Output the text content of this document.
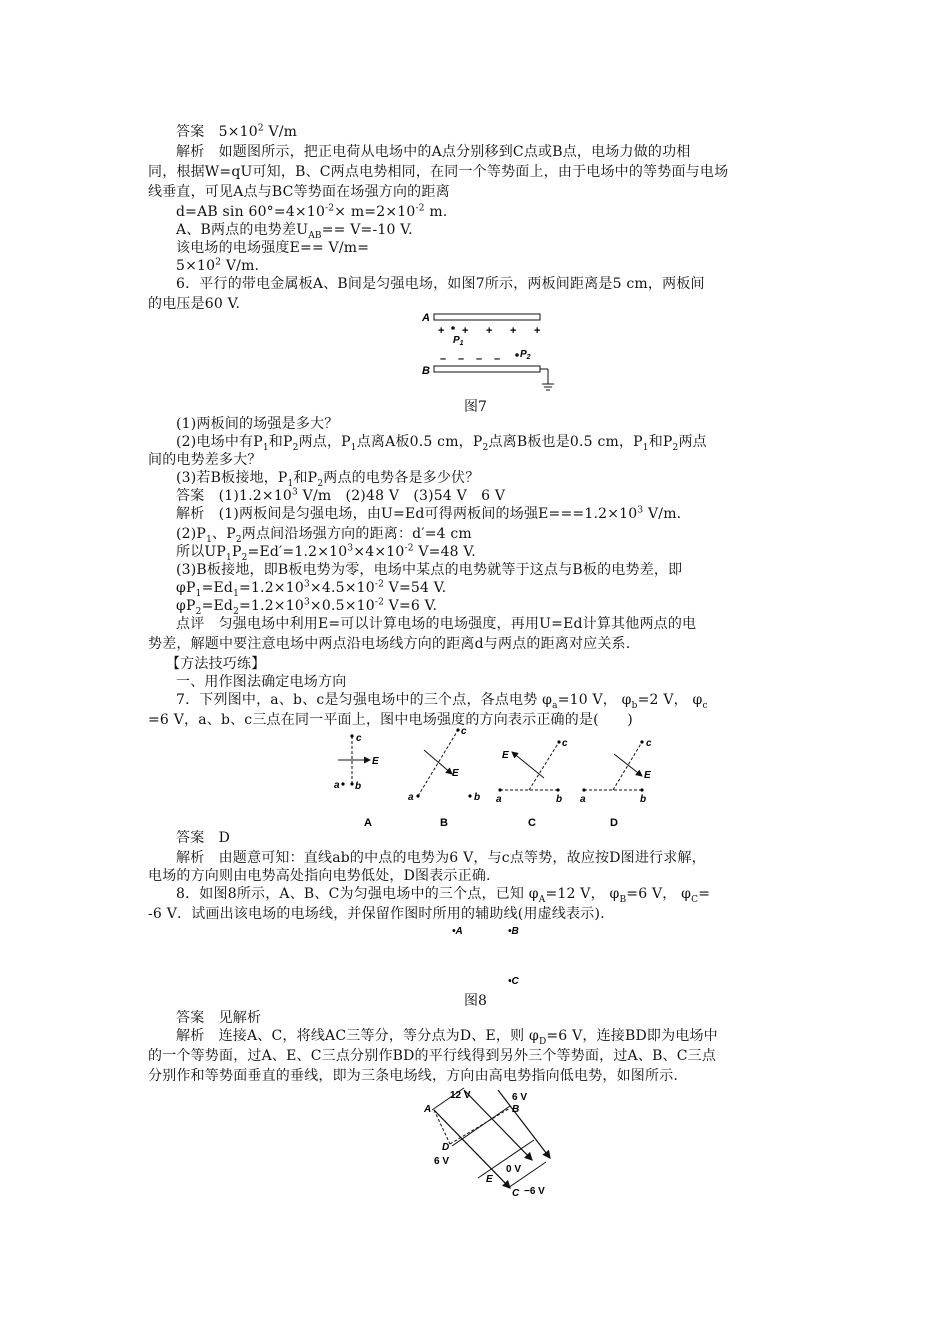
答案　$5\times 10^2$ V/m
解析　如题图所示，把正电荷从电场中的A点分别移到C点或B点，电场力做的功相
同，根据W=qU可知，B、C两点电势相同，在同一个等势面上，由于电场中的等势面与电场
线垂直，可见A点与BC等势面在场强方向的距离
d=AB $\sin 60^\circ=4\times 10^{-2}\times m=2\times 10^{-2}$ m.
A、B两点的电势差$U_{AB}== V=-10$ V.
该电场的电场强度E== V/m=
$5\times 10^2$ V/m.
6．平行的带电金属板A、B间是匀强电场，如图7所示，两板间距离是5 cm，两板间
的电压是60 V.
A
+ + + + +
$P_1$
– – – – $P_2$
B
图7
(1)两板间的场强是多大？
(2)电场中有$P_1$和$P_2$两点，$P_1$点离A板0.5 cm，$P_2$点离B板也是0.5 cm，$P_1$和$P_2$两点
间的电势差多大？
(3)若B板接地，$P_1$和$P_2$两点的电势各是多少伏？
答案　$(1)1.2\times 10^3$ V/m　(2)48 V　(3)54 V　6 V
解析　(1)两板间是匀强电场，由U=Ed可得两板间的场强$E===1.2\times 10^3$ V/m.
$(2)P_1$、$P_2$两点间沿场强方向的距离：d′=4 cm
所以$UP_1P_2=Ed'=1.2\times 10^3\times 4\times 10^{-2}$ V=48 V.
(3)B板接地，即B板电势为零，电场中某点的电势就等于这点与B板的电势差，即
$\varphi P_1=Ed_1=1.2\times 10^3\times 4.5\times 10^{-2}$ V=54 V.
$\varphi P_2=Ed_2=1.2\times 10^3\times 0.5\times 10^{-2}$ V=6 V.
点评　匀强电场中利用E=可以计算电场的电场强度，再用U=Ed计算其他两点的电
势差，解题中要注意电场中两点沿电场线方向的距离d与两点的距离对应关系.
【方法技巧练】
一、用作图法确定电场方向
7．下列图中，a、b、c是匀强电场中的三个点，各点电势 $\varphi_a=10$ V， $\varphi_b=2$ V， $\varphi_c$
=6 V，a、b、c三点在同一平面上，图中电场强度的方向表示正确的是(　　)
c
E
b
a
a
c
E
b a	b
c
E
a	b
c
E
A	B	C	D
答案　D
解析　由题意可知：直线ab的中点的电势为6 V，与c点等势，故应按D图进行求解，
电场的方向则由电势高处指向电势低处，D图表示正确.
8．如图8所示，A、B、C为匀强电场中的三个点，已知 $\varphi_A=12$ V， $\varphi_B=6$ V， $\varphi_C=$
-6 V．试画出该电场的电场线，并保留作图时所用的辅助线(用虚线表示).
•A	•B
•C
图8
答案　见解析
解析　连接A、C，将线AC三等分，等分点为D、E，则 $\varphi_D=6$ V，连接BD即为电场中
的一个等势面，过A、E、C三点分别作BD的平行线得到另外三个等势面，过A、B、C三点
分别作和等势面垂直的垂线，即为三条电场线，方向由高电势指向低电势，如图所示.
12 V	6 V
A	B
D
6 V
0 V
E
C −6 V
